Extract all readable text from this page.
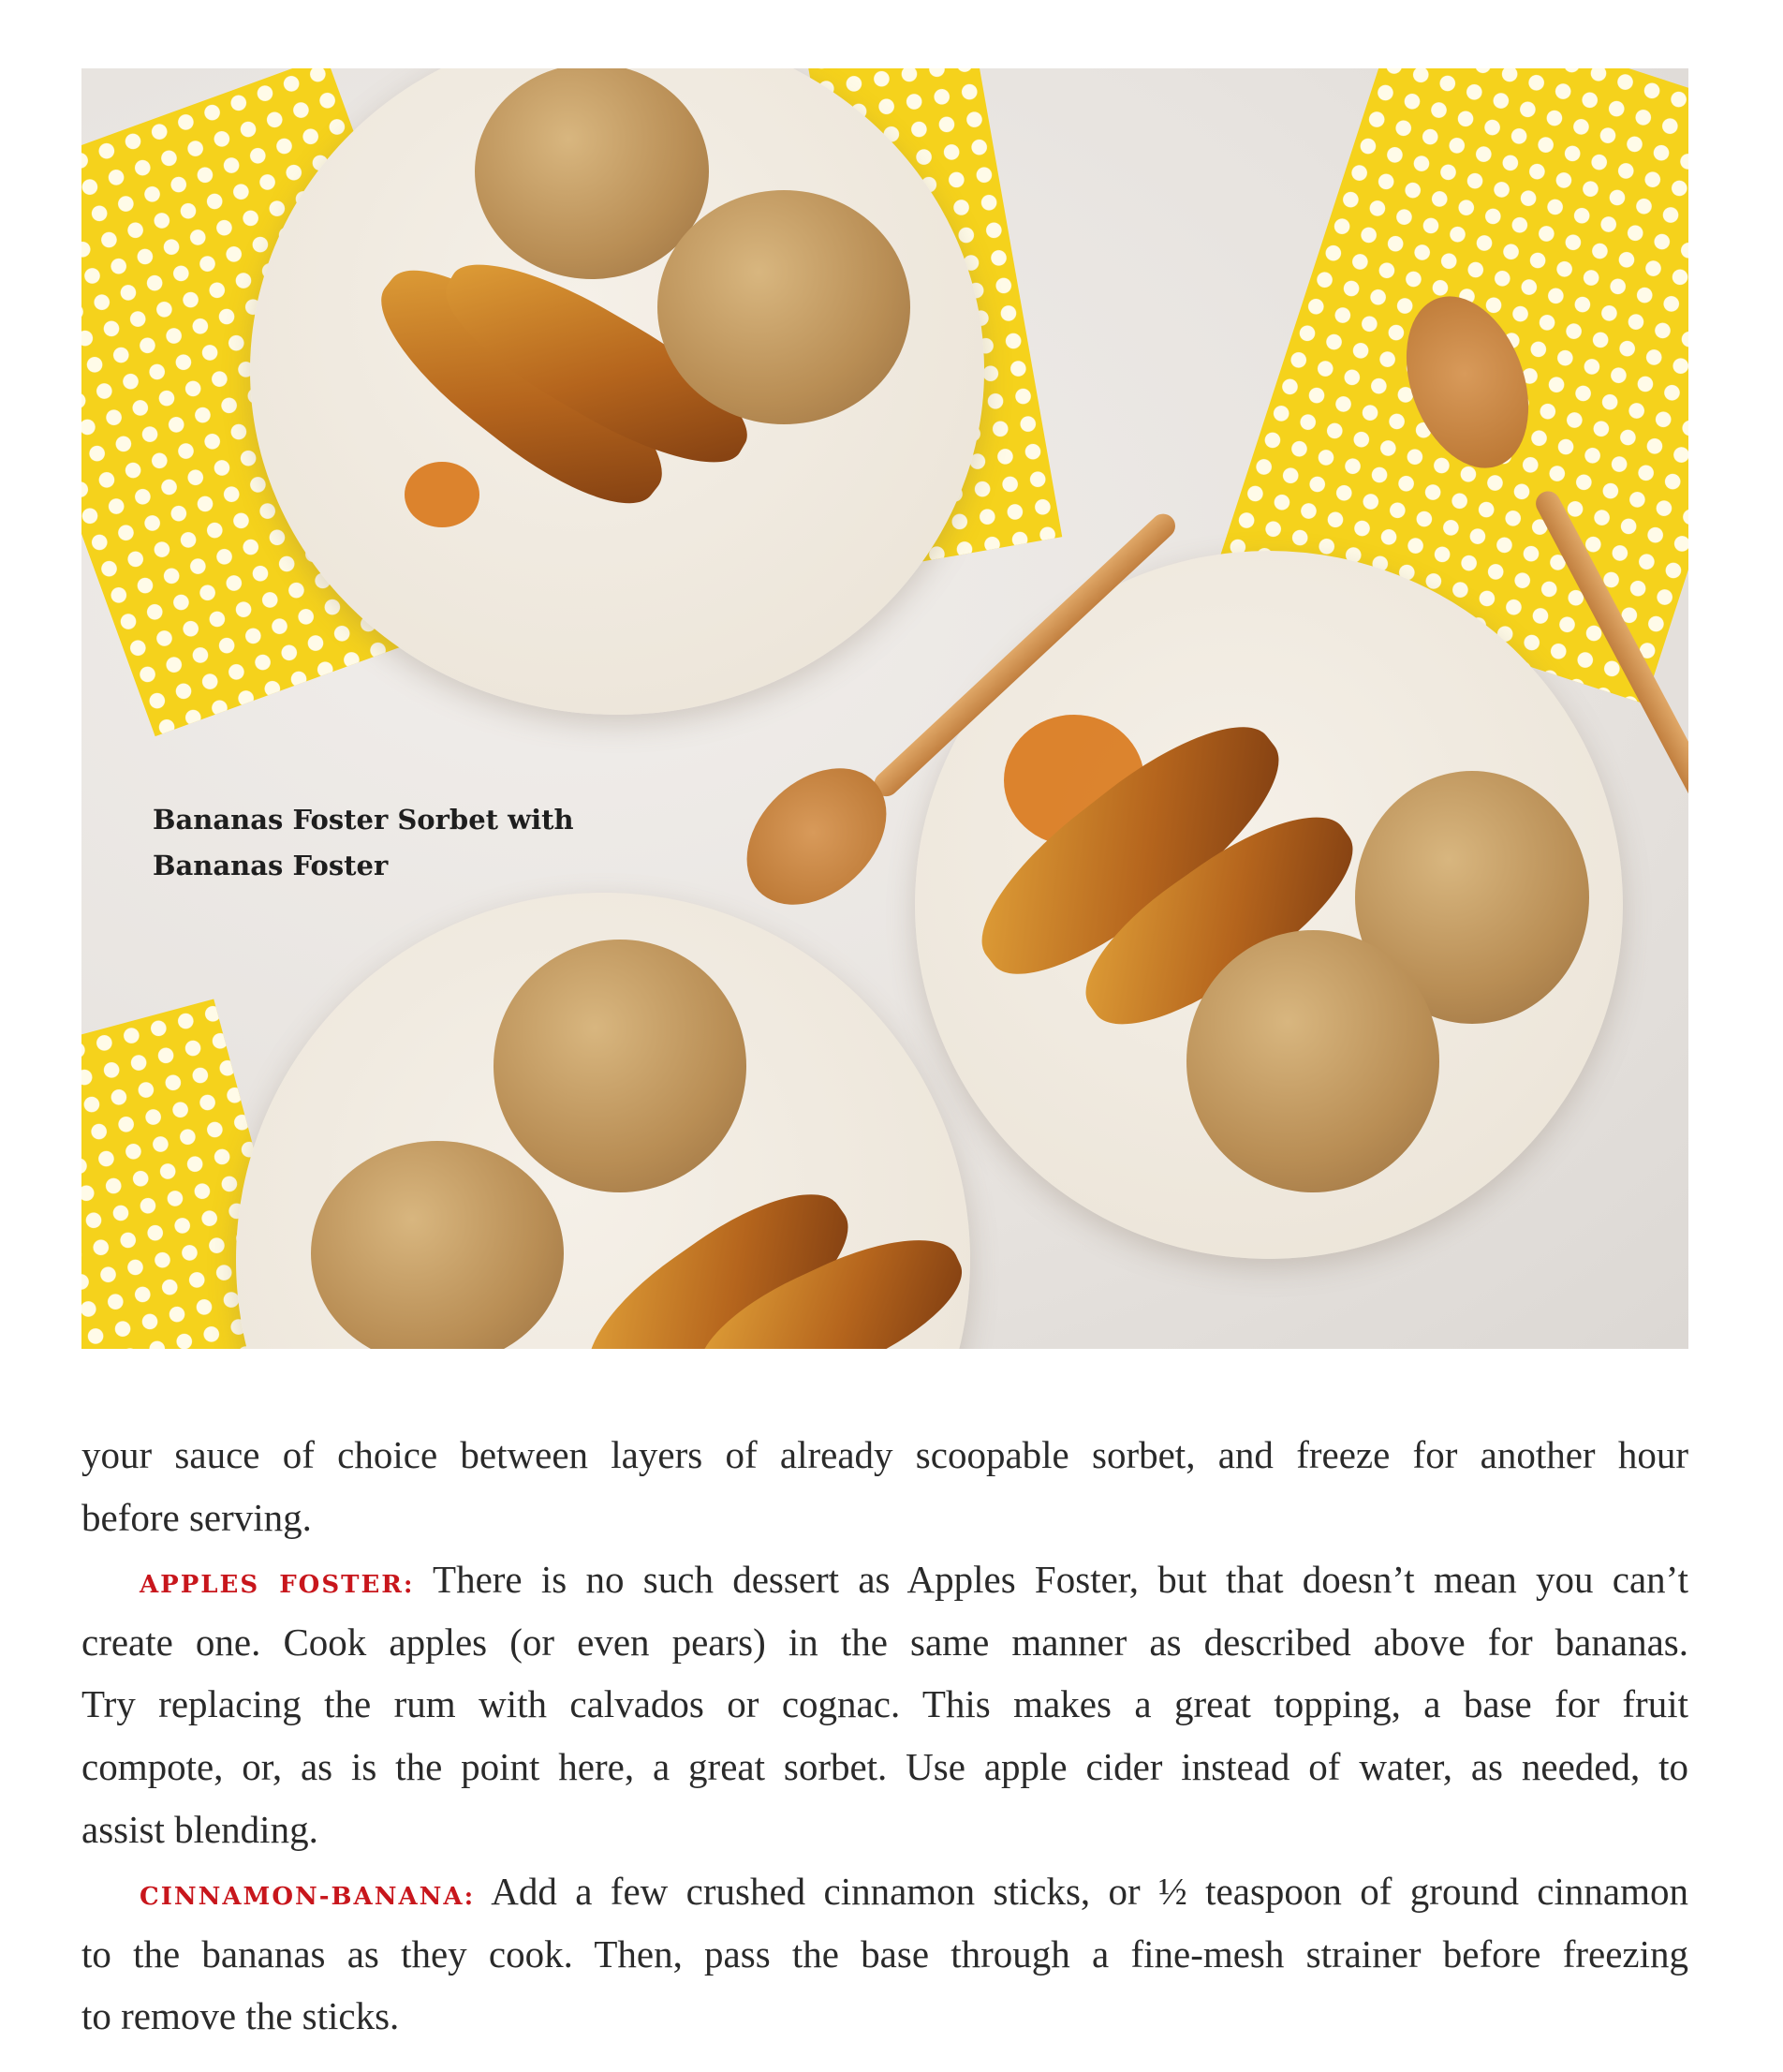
Bananas Foster Sorbet with
Bananas Foster
your sauce of choice between layers of already scoopable sorbet, and freeze for another hour
before serving.
APPLES FOSTER: There is no such dessert as Apples Foster, but that doesn’t mean you can’t
create one. Cook apples (or even pears) in the same manner as described above for bananas.
Try replacing the rum with calvados or cognac. This makes a great topping, a base for fruit
compote, or, as is the point here, a great sorbet. Use apple cider instead of water, as needed, to
assist blending.
CINNAMON-BANANA: Add a few crushed cinnamon sticks, or ½ teaspoon of ground cinnamon
to the bananas as they cook. Then, pass the base through a fine-mesh strainer before freezing
to remove the sticks.
